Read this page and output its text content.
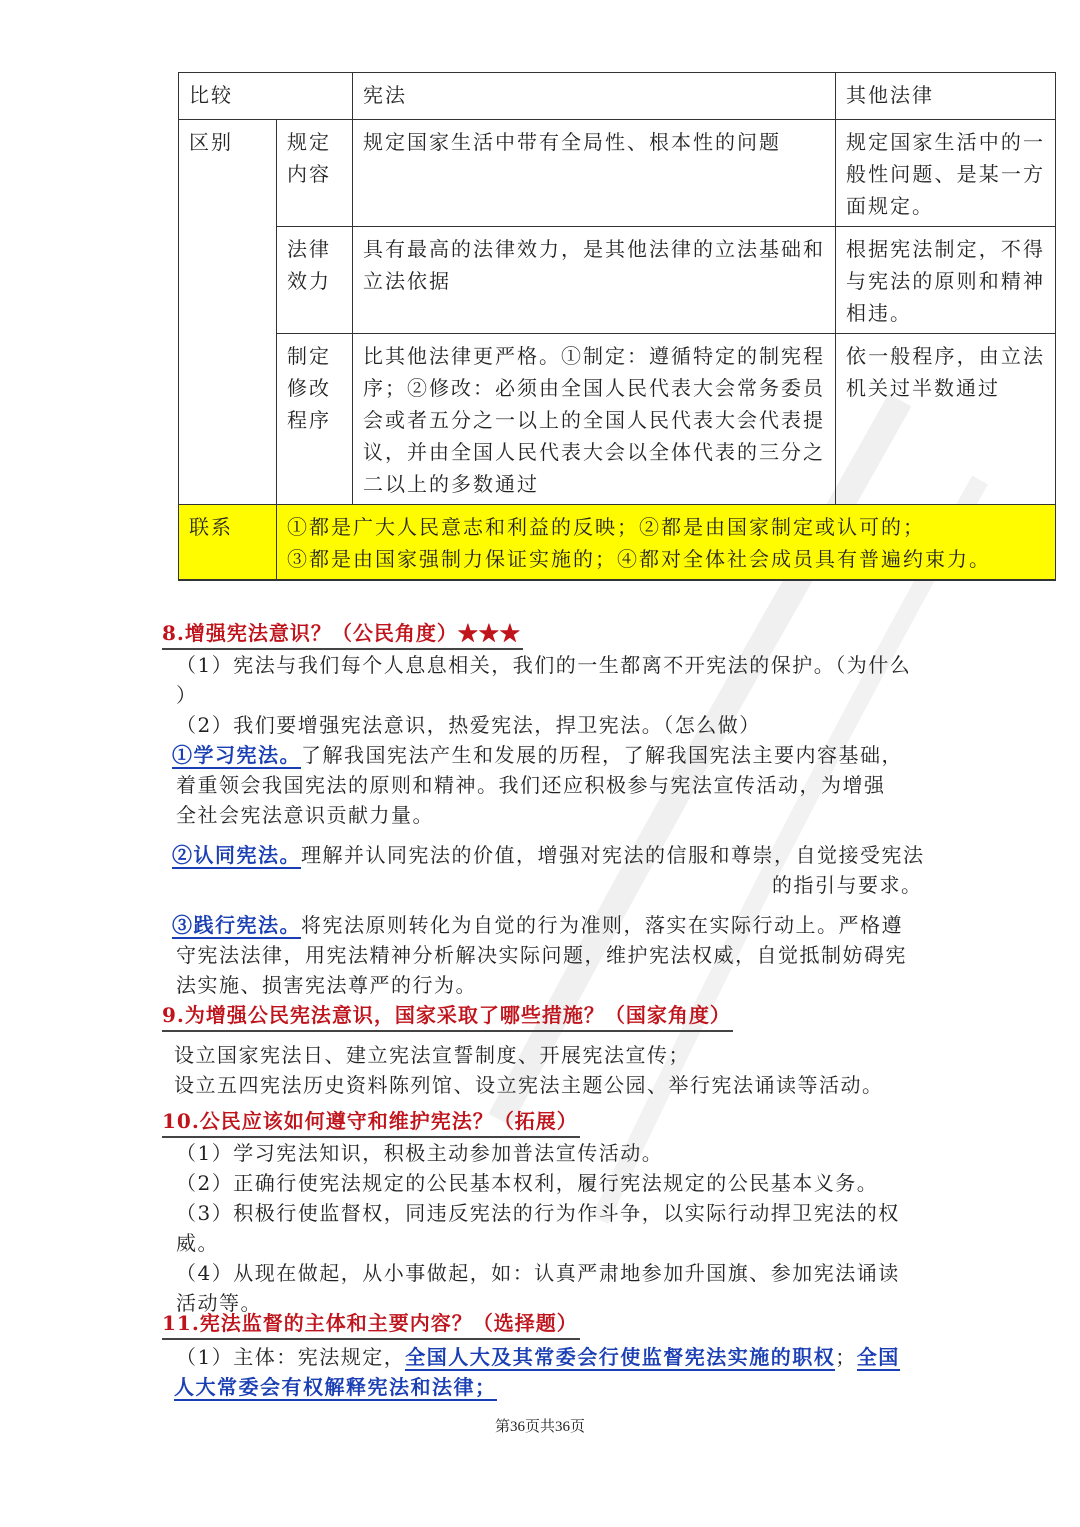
比较		宪法	其他法律
区别	规定内容	规定国家生活中带有全局性、根本性的问题	规定国家生活中的一般性问题、是某一方面规定。
	法律效力	具有最高的法律效力，是其他法律的立法基础和立法依据	根据宪法制定，不得与宪法的原则和精神相违。
	制定修改程序	比其他法律更严格。①制定：遵循特定的制宪程序；②修改：必须由全国人民代表大会常务委员会或者五分之一以上的全国人民代表大会代表提议，并由全国人民代表大会以全体代表的三分之二以上的多数通过	依一般程序，由立法机关过半数通过
联系	①都是广大人民意志和利益的反映；②都是由国家制定或认可的；
③都是由国家强制力保证实施的；④都对全体社会成员具有普遍约束力。		
8.增强宪法意识？（公民角度）★★★
（1）宪法与我们每个人息息相关，我们的一生都离不开宪法的保护。（为什么
）
（2）我们要增强宪法意识，热爱宪法，捍卫宪法。（怎么做）
①学习宪法。了解我国宪法产生和发展的历程，了解我国宪法主要内容基础，
着重领会我国宪法的原则和精神。我们还应积极参与宪法宣传活动，为增强
全社会宪法意识贡献力量。
②认同宪法。理解并认同宪法的价值，增强对宪法的信服和尊崇，自觉接受宪法
的指引与要求。
③践行宪法。将宪法原则转化为自觉的行为准则，落实在实际行动上。严格遵
守宪法法律，用宪法精神分析解决实际问题，维护宪法权威，自觉抵制妨碍宪
法实施、损害宪法尊严的行为。
9.为增强公民宪法意识，国家采取了哪些措施？（国家角度）
设立国家宪法日、建立宪法宣誓制度、开展宪法宣传；
设立五四宪法历史资料陈列馆、设立宪法主题公园、举行宪法诵读等活动。
10.公民应该如何遵守和维护宪法？（拓展）
（1）学习宪法知识，积极主动参加普法宣传活动。
（2）正确行使宪法规定的公民基本权利，履行宪法规定的公民基本义务。
（3）积极行使监督权，同违反宪法的行为作斗争，以实际行动捍卫宪法的权
威。
（4）从现在做起，从小事做起，如：认真严肃地参加升国旗、参加宪法诵读
活动等。
11.宪法监督的主体和主要内容？（选择题）
（1）主体：宪法规定，全国人大及其常委会行使监督宪法实施的职权；全国
人大常委会有权解释宪法和法律；
第36页共36页
